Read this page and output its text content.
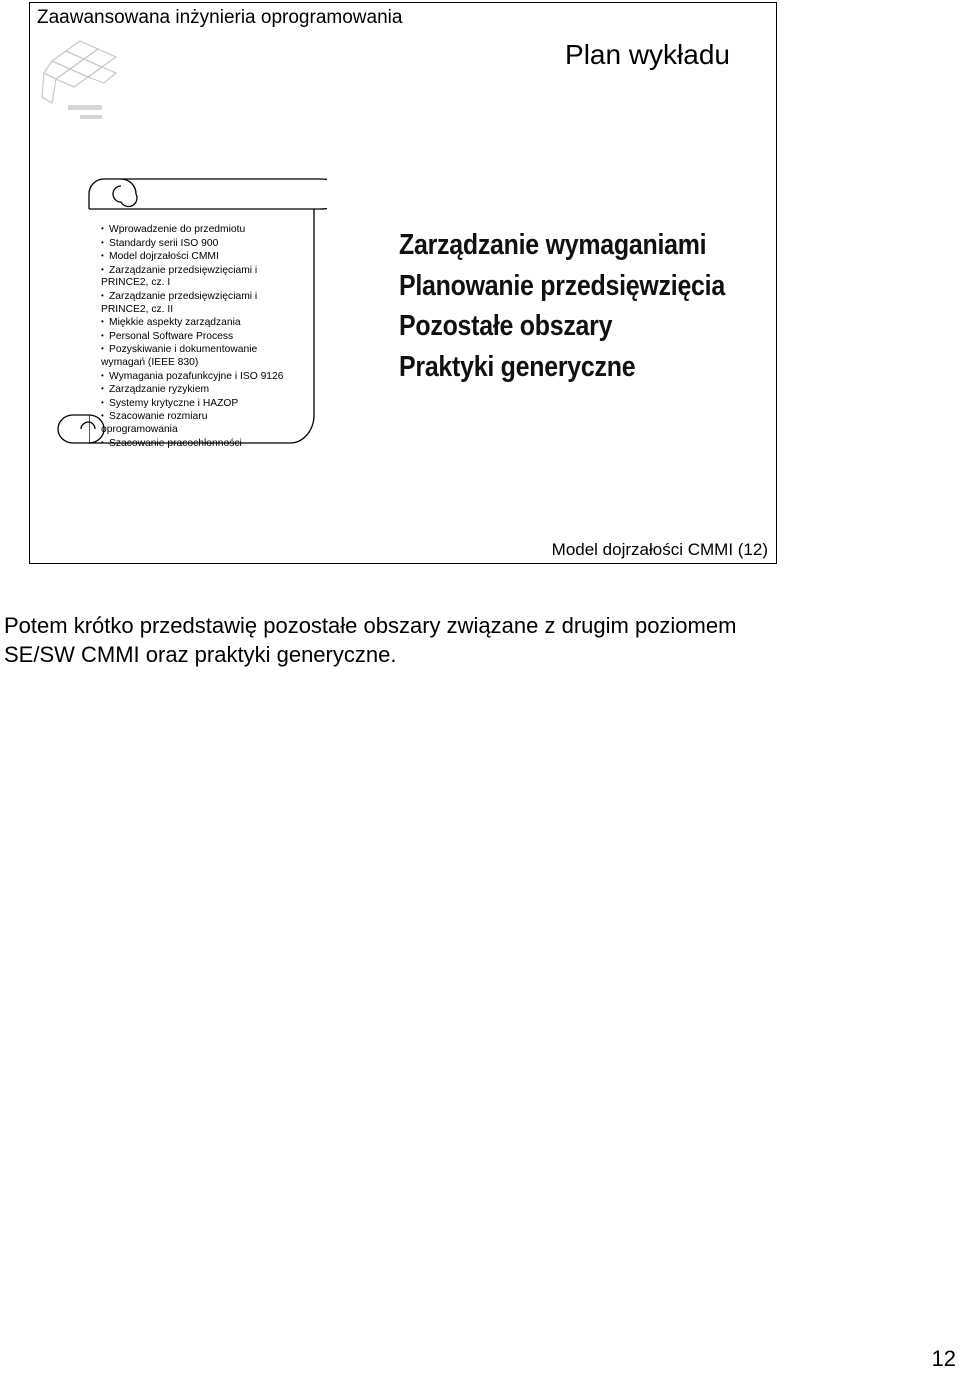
Zaawansowana inżynieria oprogramowania
Plan wykładu
• Wprowadzenie do przedmiotu
• Standardy serii ISO 900
• Model dojrzałości CMMI
• Zarządzanie przedsięwzięciami i
PRINCE2, cz. I
• Zarządzanie przedsięwzięciami i
PRINCE2, cz. II
• Miękkie aspekty zarządzania
• Personal Software Process
• Pozyskiwanie i dokumentowanie
wymagań (IEEE 830)
• Wymagania pozafunkcyjne i ISO 9126
• Zarządzanie ryzykiem
• Systemy krytyczne i HAZOP
• Szacowanie rozmiaru
oprogramowania
• Szacowanie pracochłonności
Zarządzanie wymaganiami
Planowanie przedsięwzięcia
Pozostałe obszary
Praktyki generyczne
Model dojrzałości CMMI (12)
Potem krótko przedstawię pozostałe obszary związane z drugim poziomem
SE/SW CMMI oraz praktyki generyczne.
12
